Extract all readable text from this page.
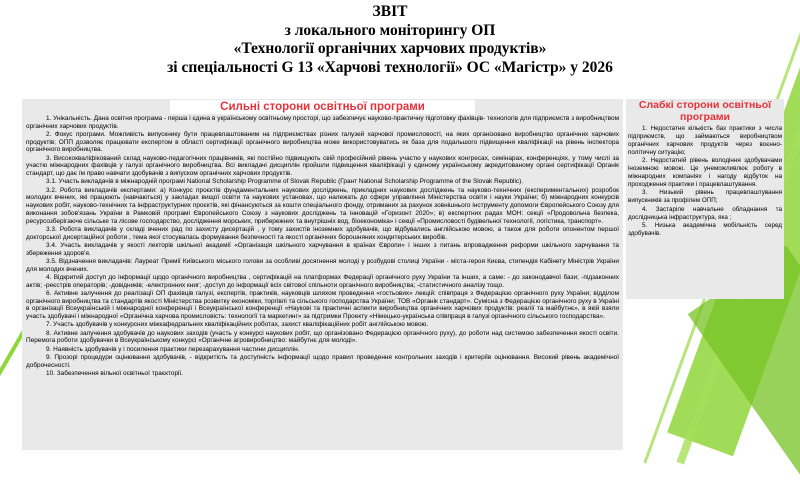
ЗВІТ
з локального моніторингу ОП
«Технології органічних харчових продуктів»
зі спеціальності G 13 «Харчові технології» ОС «Магістр» у 2026
Сильні сторони освітньої програми

1. Унікальність. Дана освітня програма - перша і єдина в українському освітньому просторі, що забезпечує науково-практичну підготовку фахівців- технологів для підприємств з виробництвом органічних харчових продуктів.

2. Фокус програми. Можливість випускнику бути працевлаштованим на підприємствах різних галузей харчової промисловості, на яких організовано виробництво органічних харчових продуктів; ОПП дозволяє працювати експертом в області сертифікації органічного виробництва може використовуватись як база для подальшого підвищення кваліфікації на рівень інспектора органічного виробництва.

3. Висококваліфікований склад науково-педагогічних працівників, які постійно підвищують свій професійний рівень участю у наукових конгресах, семінарах, конференціях, у тому числі за участю міжнародних фахівців у галузі органічного виробництва. Всі викладачі дисциплін пройшли підвищення кваліфікації у єдиному українському акредитованому органі сертифікації Органік стандарт, що дає їм право навчати здобувачів з випуском органічних харчових продуктів.

3.1. Участь викладачів в міжнародній програмі National Scholarship Programme of Slovak Republic (Грант National Scholarship Programme of the Slovak Republic).

3.2. Робота викладачів експертами: а) Конкурс проєктів фундаментальних наукових досліджень, прикладних наукових досліджень та науково-технічних (експериментальних) розробок молодих вчених, які працюють (навчаються) у закладах вищої освіти та наукових установах, що належать до сфери управління Міністерства освіти і науки України; б) міжнародних конкурсів наукових робіт, науково-технічних та інфраструктурних проєктів, які фінансуються за кошти спеціального фонду, отриманих за рахунок зовнішнього інструменту допомоги Європейського Союзу для виконання зобов'язань України в Рамковій програмі Європейського Союзу з наукових досліджень та інновацій «Горизонт 2020»; в) експертних радах МОН: секції «Продовольча безпека, ресурсозберігаюче сільське та лісове господарство, дослідження морських, прибережних та внутрішніх вод, біоекономіка» і секції «Промисловості будівельної технології, логістика, транспорт».

3.3. Робота викладачів у складі вчених рад по захисту дисертацій , у тому захистів іноземних здобувачів, що відбувались англійською мовою, а також для роботи опонентом першої докторської дисертаційної роботи , тема якої стосувалась формування безпечності та якості органічних борошняних кондитерських виробів.

3.4. Участь викладачів у якості лекторів шкільної академії «Організація шкільного харчування в країнах Європи» і інших з питань впровадження реформи шкільного харчування та збереження здоров'я.

3.5. Відзначення викладачів: Лауреат Премії Київського міського голови за особливі досягнення молоді у розбудові столиці України - міста-героя Києва, стипендія Кабінету Міністрів України для молодих вчених.

4. Відкритий доступ до інформації щодо органічного виробництва , сертифікацій на платформах Федерації органічного руху України та інших, а саме: - до законодавчої бази; -підзаконних актів; -реєстрів операторів; -довідників; -електронних книг; -доступ до інформації всіх світової спільноти органічного виробництва; -статистичного аналізу тощо.

6. Активне залучення до реалізації ОП фахівців галузі, експертів, практиків, науковців шляхом проведення «гостьових» лекцій: співпраця з Федерацією органічного руху України; відділом органічного виробництва та стандартів якості Міністерства розвитку економіки, торгівлі та сільського господарства України; ТОВ «Органік стандарт». Сумісна з Федерацією органічного руху в Україні в організації Всеукраїнській і міжнародної конференції і Всеукраїнської конференції «Наукові та практичні аспекти виробництва органічних харчових продуктів: реалії та майбутнє», в якій взяли участь здобувачі і міжнародної «Органічна харчова промисловість: технології та маркетинг» за підтримки Проекту «Німецько-українська співпраця в галузі органічного сільського господарства».

7. Участь здобувачів у конкурсних міжкафедральних кваліфікаційних роботах, захист кваліфікаційних робіт англійською мовою.

8. Активне залучення здобувачів до наукових заходів (участь у конкурсі наукових робіт, що організовано Федерацією органічного руху), до роботи над системою забезпечення якості освіти. Перемога роботи здобувачки в Всеукраїнському конкурсі «Органічне агровиробництво: майбутнє для молоді».

9. Наявність здобувачів у і посилення практики перезарахування частини дисциплін.

9. Прозорі процедури оцінювання здобувачів, - відкритість та доступність інформації щодо правил проведення контрольних заходів і критеріїв оцінювання. Високий рівень академічної доброчесності.

10. Забезпечення вільної освітньої траєкторії.

Слабкі сторони освітньої програми

1. Недостатня кількість баз практики з числа підприємств, що займаються виробництвом органічних харчових продуктів через воєнно-політичну ситуацію;

2. Недостатній рівень володіння здобувачами іноземною мовою. Це унеможливлює роботу в міжнародних компаніях і нагоду відбуток на проходження практики і працевлаштування.

3. Низький рівень працевлаштування випускників за профілем ОПП;

4. Застаріле навчальне обладнання та дослідницька інфраструктура, яка ;

5. Низька академічна мобільність серед здобувачів.
